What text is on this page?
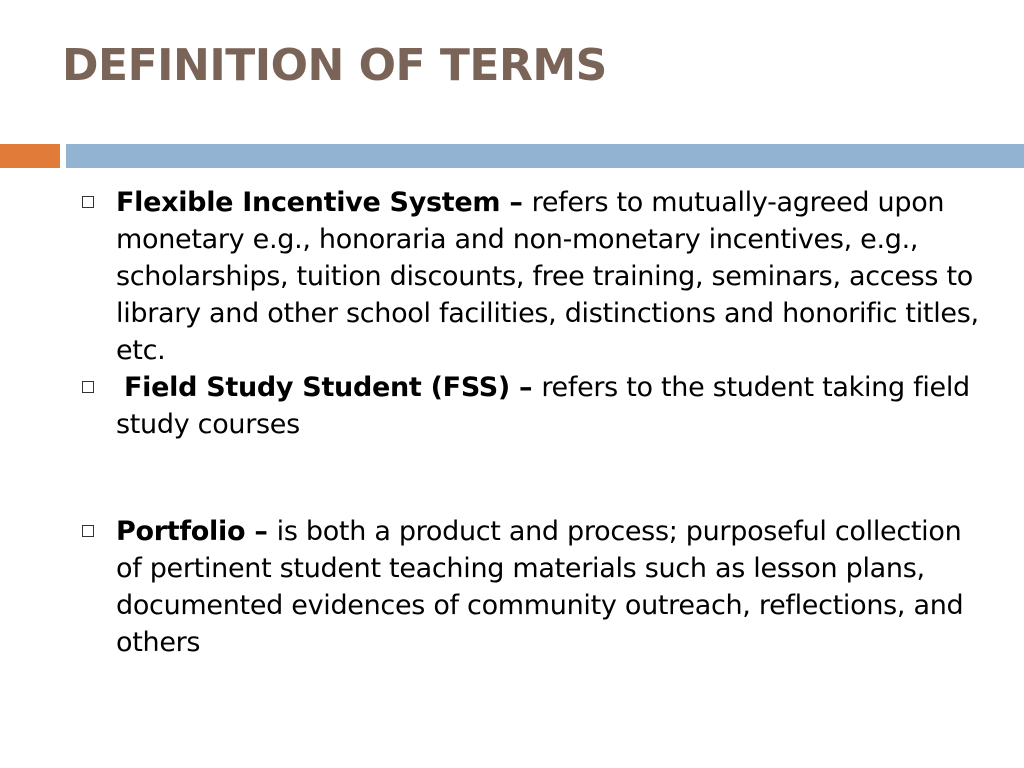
DEFINITION OF TERMS
Flexible Incentive System – refers to mutually-agreed upon monetary e.g., honoraria and non-monetary incentives, e.g., scholarships, tuition discounts, free training, seminars, access to library and other school facilities, distinctions and honorific titles, etc.
Field Study Student (FSS) – refers to the student taking field study courses
Portfolio – is both a product and process; purposeful collection of pertinent student teaching materials such as lesson plans, documented evidences of community outreach, reflections, and others
